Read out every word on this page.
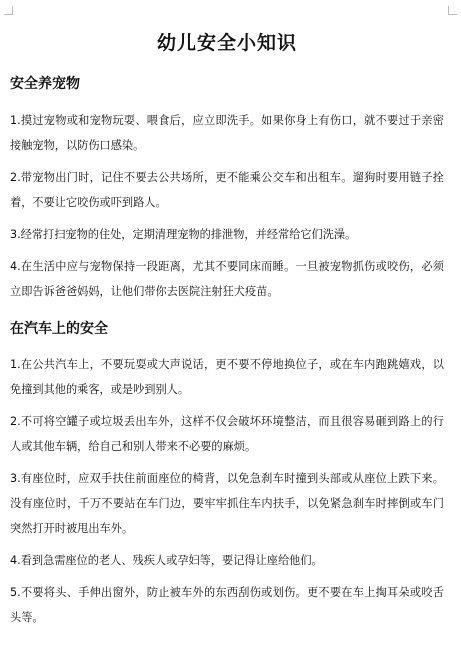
幼儿安全小知识
安全养宠物

1.摸过宠物或和宠物玩耍、喂食后，应立即洗手。如果你身上有伤口，就不要过于亲密接触宠物，以防伤口感染。

2.带宠物出门时，记住不要去公共场所，更不能乘公交车和出租车。遛狗时要用链子拴着，不要让它咬伤或吓到路人。

3.经常打扫宠物的住处，定期清理宠物的排泄物，并经常给它们洗澡。

4.在生活中应与宠物保持一段距离，尤其不要同床而睡。一旦被宠物抓伤或咬伤，必须立即告诉爸爸妈妈，让他们带你去医院注射狂犬疫苗。

在汽车上的安全

1.在公共汽车上，不要玩耍或大声说话，更不要不停地换位子，或在车内跑跳嬉戏，以免撞到其他的乘客，或是吵到别人。

2.不可将空罐子或垃圾丢出车外，这样不仅会破坏环境整洁，而且很容易砸到路上的行人或其他车辆，给自己和别人带来不必要的麻烦。

3.有座位时，应双手扶住前面座位的椅背，以免急刹车时撞到头部或从座位上跌下来。没有座位时，千万不要站在车门边，要牢牢抓住车内扶手，以免紧急刹车时摔倒或车门突然打开时被甩出车外。

4.看到急需座位的老人、残疾人或孕妇等，要记得让座给他们。

5.不要将头、手伸出窗外，防止被车外的东西刮伤或划伤。更不要在车上掏耳朵或咬舌头等。
